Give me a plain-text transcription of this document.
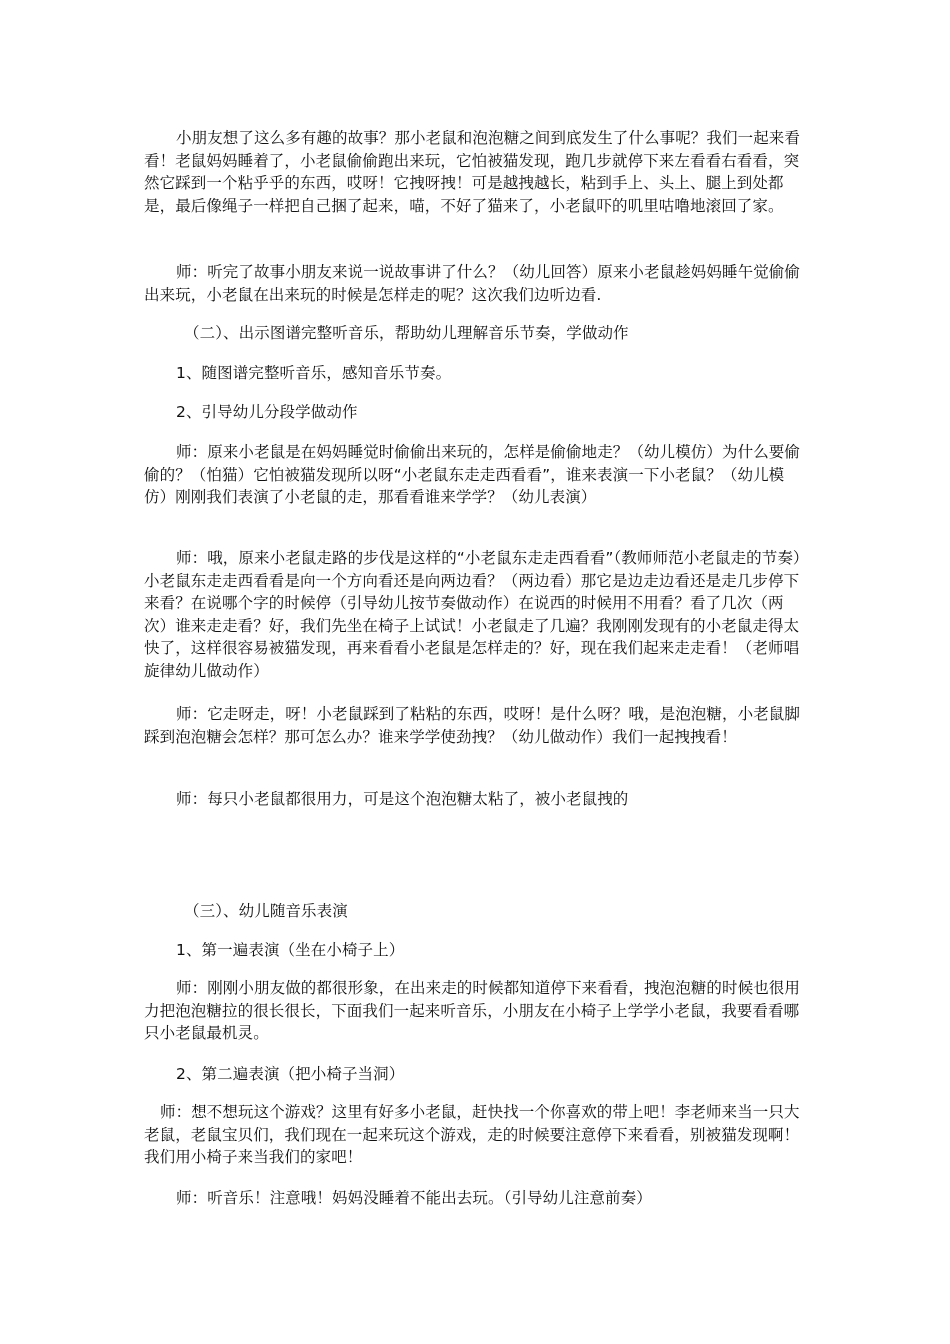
小朋友想了这么多有趣的故事？那小老鼠和泡泡糖之间到底发生了什么事呢？我们一起来看看！老鼠妈妈睡着了，小老鼠偷偷跑出来玩，它怕被猫发现，跑几步就停下来左看看右看看，突然它踩到一个粘乎乎的东西，哎呀！它拽呀拽！可是越拽越长，粘到手上、头上、腿上到处都是，最后像绳子一样把自己捆了起来，喵，不好了猫来了，小老鼠吓的叽里咕噜地滚回了家。

师：听完了故事小朋友来说一说故事讲了什么？（幼儿回答）原来小老鼠趁妈妈睡午觉偷偷出来玩，小老鼠在出来玩的时候是怎样走的呢？这次我们边听边看.

（二）、出示图谱完整听音乐，帮助幼儿理解音乐节奏，学做动作

1、随图谱完整听音乐，感知音乐节奏。

2、引导幼儿分段学做动作

师：原来小老鼠是在妈妈睡觉时偷偷出来玩的，怎样是偷偷地走？（幼儿模仿）为什么要偷偷的？（怕猫）它怕被猫发现所以呀“小老鼠东走走西看看”，谁来表演一下小老鼠？（幼儿模仿）刚刚我们表演了小老鼠的走，那看看谁来学学？（幼儿表演）

师：哦，原来小老鼠走路的步伐是这样的“小老鼠东走走西看看”（教师师范小老鼠走的节奏）小老鼠东走走西看看是向一个方向看还是向两边看？（两边看）那它是边走边看还是走几步停下来看？在说哪个字的时候停（引导幼儿按节奏做动作）在说西的时候用不用看？看了几次（两次）谁来走走看？好，我们先坐在椅子上试试！小老鼠走了几遍？我刚刚发现有的小老鼠走得太快了，这样很容易被猫发现，再来看看小老鼠是怎样走的？好，现在我们起来走走看！（老师唱旋律幼儿做动作）

师：它走呀走，呀！小老鼠踩到了粘粘的东西，哎呀！是什么呀？哦，是泡泡糖，小老鼠脚踩到泡泡糖会怎样？那可怎么办？谁来学学使劲拽？（幼儿做动作）我们一起拽拽看！

师：每只小老鼠都很用力，可是这个泡泡糖太粘了，被小老鼠拽的

（三）、幼儿随音乐表演

1、第一遍表演（坐在小椅子上）

师：刚刚小朋友做的都很形象，在出来走的时候都知道停下来看看，拽泡泡糖的时候也很用力把泡泡糖拉的很长很长，下面我们一起来听音乐，小朋友在小椅子上学学小老鼠，我要看看哪只小老鼠最机灵。

2、第二遍表演（把小椅子当洞）

师：想不想玩这个游戏？这里有好多小老鼠，赶快找一个你喜欢的带上吧！李老师来当一只大老鼠，老鼠宝贝们，我们现在一起来玩这个游戏，走的时候要注意停下来看看，别被猫发现啊！我们用小椅子来当我们的家吧！

师：听音乐！注意哦！妈妈没睡着不能出去玩。（引导幼儿注意前奏）
